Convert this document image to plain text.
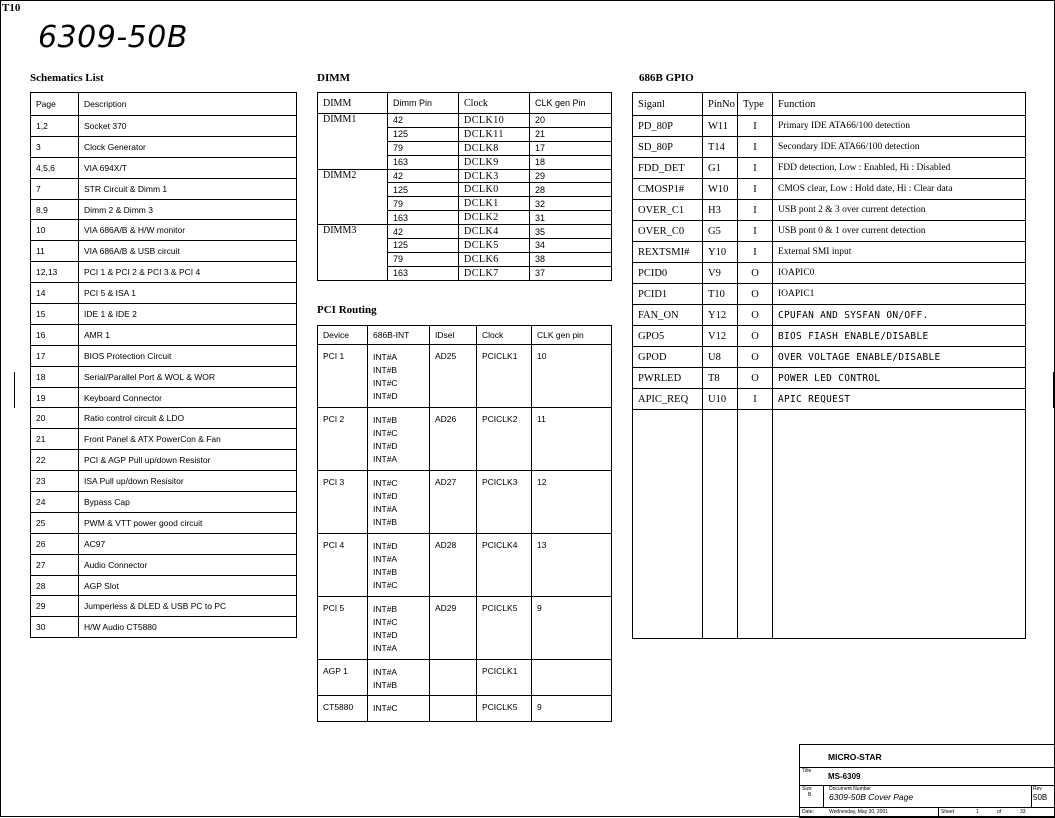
T10
6309-50B
Schematics List	DIMM
PCI Routing
686B GPIO
Page	Description
1,2	Socket 370
3	Clock Generator
4,5,6	VIA 694X/T
7	STR Circuit & Dimm 1
8,9	Dimm 2 & Dimm 3
10	VIA 686A/B & H/W monitor
11	VIA 686A/B & USB circuit
12,13	PCI 1 & PCI 2 & PCI 3 & PCI 4
14	PCI 5 & ISA 1
15	IDE 1 & IDE 2
16	AMR 1
17	BIOS Protection Circuit
18	Serial/Parallel Port & WOL & WOR
19	Keyboard Connector
20	Ratio control circuit & LDO
21	Front Panel & ATX PowerCon & Fan
22	PCI & AGP Pull up/down Resistor
23	ISA Pull up/down Resisitor
24	Bypass Cap
25	PWM & VTT power good circuit
26	AC97
27	Audio Connector
28	AGP Slot
29	Jumperless & DLED & USB PC to PC
30	H/W Audio CT5880
DIMM	Dimm Pin	Clock	CLK gen Pin
DIMM1	42	DCLK10	20
	125	DCLK11	21
	79	DCLK8	17
	163	DCLK9	18
DIMM2	42	DCLK3	29
	125	DCLK0	28
	79	DCLK1	32
	163	DCLK2	31
DIMM3	42	DCLK4	35
	125	DCLK5	34
	79	DCLK6	38
	163	DCLK7	37
Device	686B-INT	IDsel	Clock	CLK gen pin
PCI 1	INT#A
INT#B
INT#C
INT#D	AD25	PCICLK1	10
PCI 2	INT#B
INT#C
INT#D
INT#A	AD26	PCICLK2	11
PCI 3	INT#C
INT#D
INT#A
INT#B	AD27	PCICLK3	12
PCI 4	INT#D
INT#A
INT#B
INT#C	AD28	PCICLK4	13
PCI 5	INT#B
INT#C
INT#D
INT#A	AD29	PCICLK5	9
AGP 1	INT#A
INT#B		PCICLK1	
CT5880	INT#C		PCICLK5	9
Siganl	PinNo	Type	Function
PD_80P	W11	I	Primary IDE ATA66/100 detection
SD_80P	T14	I	Secondary IDE ATA66/100 detection
FDD_DET	G1	I	FDD detection, Low : Enabled, Hi : Disabled
CMOSP1#	W10	I	CMOS clear, Low : Hold date, Hi : Clear data
OVER_C1	H3	I	USB pont 2 & 3 over current detection
OVER_C0	G5	I	USB pont 0 & 1 over current detection
REXTSMI#	Y10	I	External SMI input
PCID0	V9	O	IOAPIC0
PCID1	T10	O	IOAPIC1
FAN_ON	Y12	O	CPUFAN AND SYSFAN ON/OFF.
GPO5	V12	O	BIOS FIASH ENABLE/DISABLE
GPOD	U8	O	OVER VOLTAGE ENABLE/DISABLE
PWRLED	T8	O	POWER LED CONTROL
APIC_REQ	U10	I	APIC REQUEST

MICRO-STAR
Title
MS-6309
Size
B
Document Number
6309-50B Cover Page
Rev
50B
Date:	Wednesday, May 30, 2001	Sheet	1	of	33
